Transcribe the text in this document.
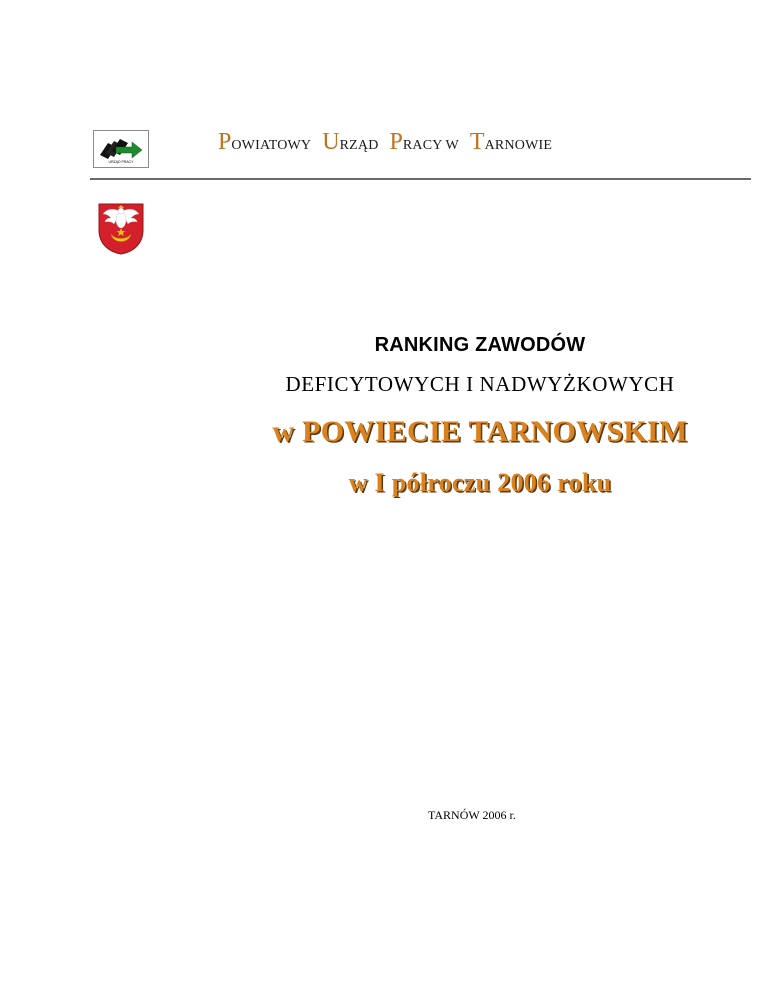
URZĄD PRACY
POWIATOWY URZĄD PRACY W TARNOWIE
RANKING ZAWODÓW
DEFICYTOWYCH I NADWYŻKOWYCH
w POWIECIE TARNOWSKIM
w I półroczu 2006 roku
TARNÓW 2006 r.
